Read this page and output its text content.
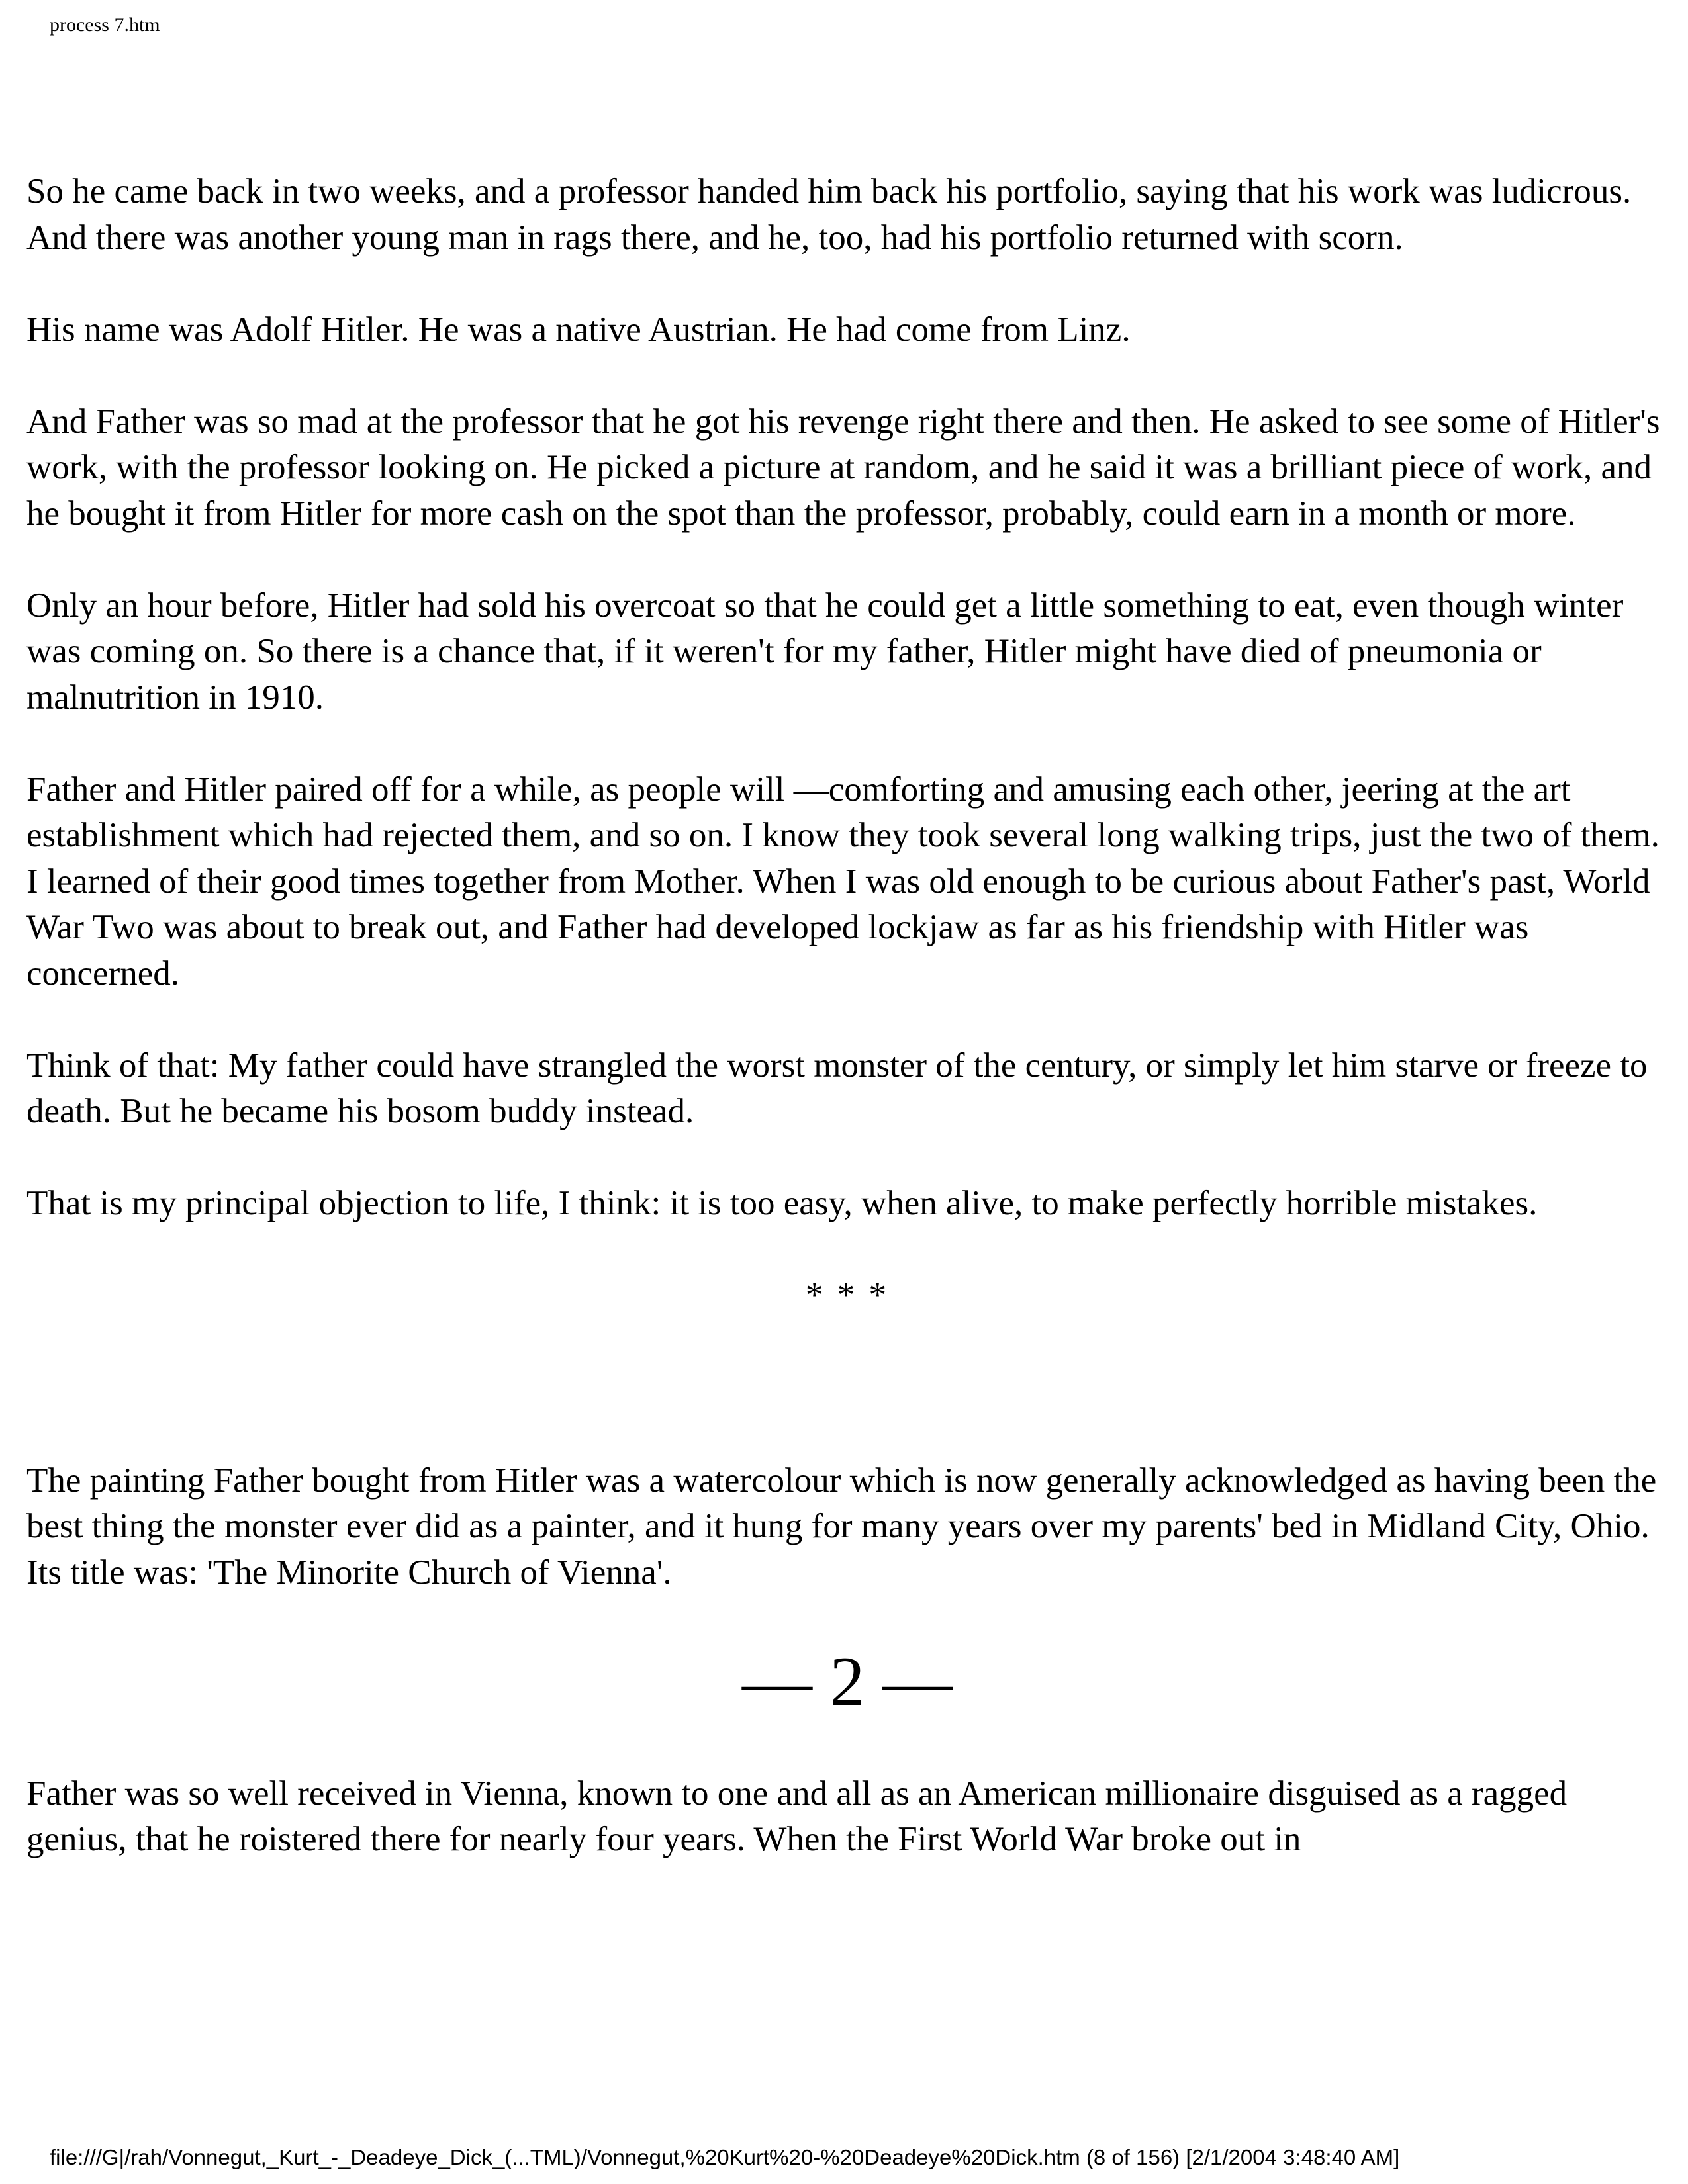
process 7.htm

So he came back in two weeks, and a professor handed him back his portfolio, saying that his work was ludicrous. And there was another young man in rags there, and he, too, had his portfolio returned with scorn.

His name was Adolf Hitler. He was a native Austrian. He had come from Linz.

And Father was so mad at the professor that he got his revenge right there and then. He asked to see some of Hitler's work, with the professor looking on. He picked a picture at random, and he said it was a brilliant piece of work, and he bought it from Hitler for more cash on the spot than the professor, probably, could earn in a month or more.

Only an hour before, Hitler had sold his overcoat so that he could get a little something to eat, even though winter was coming on. So there is a chance that, if it weren't for my father, Hitler might have died of pneumonia or malnutrition in 1910.

Father and Hitler paired off for a while, as people will —comforting and amusing each other, jeering at the art establishment which had rejected them, and so on. I know they took several long walking trips, just the two of them. I learned of their good times together from Mother. When I was old enough to be curious about Father's past, World War Two was about to break out, and Father had developed lockjaw as far as his friendship with Hitler was concerned.

Think of that: My father could have strangled the worst monster of the century, or simply let him starve or freeze to death. But he became his bosom buddy instead.

That is my principal objection to life, I think: it is too easy, when alive, to make perfectly horrible mistakes.

* * *

The painting Father bought from Hitler was a watercolour which is now generally acknowledged as having been the best thing the monster ever did as a painter, and it hung for many years over my parents' bed in Midland City, Ohio. Its title was: 'The Minorite Church of Vienna'.

— 2 —

Father was so well received in Vienna, known to one and all as an American millionaire disguised as a ragged genius, that he roistered there for nearly four years. When the First World War broke out in

file:///G|/rah/Vonnegut,_Kurt_-_Deadeye_Dick_(...TML)/Vonnegut,%20Kurt%20-%20Deadeye%20Dick.htm (8 of 156) [2/1/2004 3:48:40 AM]
